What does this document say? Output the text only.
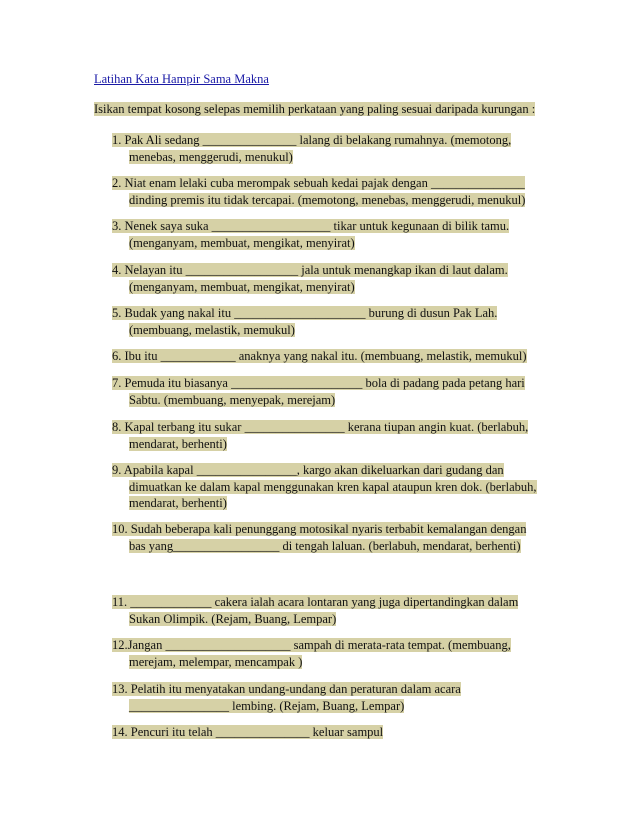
Latihan Kata Hampir Sama Makna
Isikan tempat kosong selepas memilih perkataan yang paling sesuai daripada kurungan :
1. Pak Ali sedang _______________ lalang di belakang rumahnya. (memotong,
menebas, menggerudi, menukul)
2. Niat enam lelaki cuba merompak sebuah kedai pajak dengan _______________
dinding premis itu tidak tercapai. (memotong, menebas, menggerudi, menukul)
3. Nenek saya suka ___________________ tikar untuk kegunaan di bilik tamu.
(menganyam, membuat, mengikat, menyirat)
4. Nelayan itu __________________ jala untuk menangkap ikan di laut dalam.
(menganyam, membuat, mengikat, menyirat)
5. Budak yang nakal itu _____________________ burung di dusun Pak Lah.
(membuang, melastik, memukul)
6. Ibu itu ____________ anaknya yang nakal itu. (membuang, melastik, memukul)
7. Pemuda itu biasanya _____________________ bola di padang pada petang hari
Sabtu. (membuang, menyepak, merejam)
8. Kapal terbang itu sukar ________________ kerana tiupan angin kuat. (berlabuh,
mendarat, berhenti)
9. Apabila kapal ________________, kargo akan dikeluarkan dari gudang dan
dimuatkan ke dalam kapal menggunakan kren kapal ataupun kren dok. (berlabuh,
mendarat, berhenti)
10. Sudah beberapa kali penunggang motosikal nyaris terbabit kemalangan dengan
bas yang_________________ di tengah laluan. (berlabuh, mendarat, berhenti)
11. _____________ cakera ialah acara lontaran yang juga dipertandingkan dalam
Sukan Olimpik. (Rejam, Buang, Lempar)
12.Jangan ____________________ sampah di merata-rata tempat. (membuang,
merejam, melempar, mencampak )
13. Pelatih itu menyatakan undang-undang dan peraturan dalam acara
________________ lembing. (Rejam, Buang, Lempar)
14. Pencuri itu telah _______________ keluar sampul
